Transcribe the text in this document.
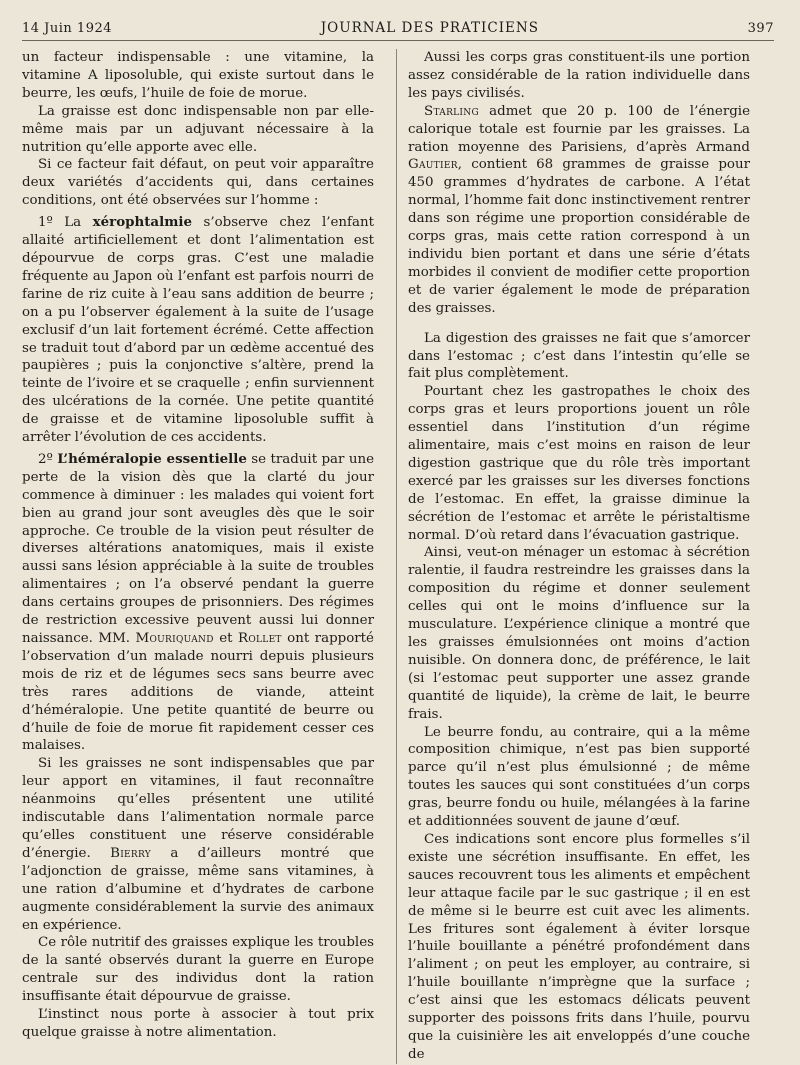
14 Juin 1924	JOURNAL DES PRATICIENS	397

un facteur indispensable : une vitamine, la vitamine A liposoluble, qui existe surtout dans le beurre, les œufs, l’huile de foie de morue.

La graisse est donc indispensable non par elle-même mais par un adjuvant nécessaire à la nutrition qu’elle apporte avec elle.

Si ce facteur fait défaut, on peut voir apparaître deux variétés d’accidents qui, dans certaines conditions, ont été observées sur l’homme :

1º La xérophtalmie s’observe chez l’enfant allaité artificiellement et dont l’alimentation est dépourvue de corps gras. C’est une maladie fréquente au Japon où l’enfant est parfois nourri de farine de riz cuite à l’eau sans addition de beurre ; on a pu l’observer également à la suite de l’usage exclusif d’un lait fortement écrémé. Cette affection se traduit tout d’abord par un œdème accentué des paupières ; puis la conjonctive s’altère, prend la teinte de l’ivoire et se craquelle ; enfin surviennent des ulcérations de la cornée. Une petite quantité de graisse et de vitamine liposoluble suffit à arrêter l’évolution de ces accidents.

2º L’héméralopie essentielle se traduit par une perte de la vision dès que la clarté du jour commence à diminuer : les malades qui voient fort bien au grand jour sont aveugles dès que le soir approche. Ce trouble de la vision peut résulter de diverses altérations anatomiques, mais il existe aussi sans lésion appréciable à la suite de troubles alimentaires ; on l’a observé pendant la guerre dans certains groupes de prisonniers. Des régimes de restriction excessive peuvent aussi lui donner naissance. MM. Mouriquand et Rollet ont rapporté l’observation d’un malade nourri depuis plusieurs mois de riz et de légumes secs sans beurre avec très rares additions de viande, atteint d’héméralopie. Une petite quantité de beurre ou d’huile de foie de morue fit rapidement cesser ces malaises.

Si les graisses ne sont indispensables que par leur apport en vitamines, il faut reconnaître néanmoins qu’elles présentent une utilité indiscutable dans l’alimentation normale parce qu’elles constituent une réserve considérable d’énergie. Bierry a d’ailleurs montré que l’adjonction de graisse, même sans vitamines, à une ration d’albumine et d’hydrates de carbone augmente considérablement la survie des animaux en expérience.

Ce rôle nutritif des graisses explique les troubles de la santé observés durant la guerre en Europe centrale sur des individus dont la ration insuffisante était dépourvue de graisse.

L’instinct nous porte à associer à tout prix quelque graisse à notre alimentation.

Aussi les corps gras constituent-ils une portion assez considérable de la ration individuelle dans les pays civilisés.

Starling admet que 20 p. 100 de l’énergie calorique totale est fournie par les graisses. La ration moyenne des Parisiens, d’après Armand Gautier, contient 68 grammes de graisse pour 450 grammes d’hydrates de carbone. A l’état normal, l’homme fait donc instinctivement rentrer dans son régime une proportion considérable de corps gras, mais cette ration correspond à un individu bien portant et dans une série d’états morbides il convient de modifier cette proportion et de varier également le mode de préparation des graisses.

La digestion des graisses ne fait que s’amorcer dans l’estomac ; c’est dans l’intestin qu’elle se fait plus complètement.

Pourtant chez les gastropathes le choix des corps gras et leurs proportions jouent un rôle essentiel dans l’institution d’un régime alimentaire, mais c’est moins en raison de leur digestion gastrique que du rôle très important exercé par les graisses sur les diverses fonctions de l’estomac. En effet, la graisse diminue la sécrétion de l’estomac et arrête le péristaltisme normal. D’où retard dans l’évacuation gastrique.

Ainsi, veut-on ménager un estomac à sécrétion ralentie, il faudra restreindre les graisses dans la composition du régime et donner seulement celles qui ont le moins d’influence sur la musculature. L’expérience clinique a montré que les graisses émulsionnées ont moins d’action nuisible. On donnera donc, de préférence, le lait (si l’estomac peut supporter une assez grande quantité de liquide), la crème de lait, le beurre frais.

Le beurre fondu, au contraire, qui a la même composition chimique, n’est pas bien supporté parce qu’il n’est plus émulsionné ; de même toutes les sauces qui sont constituées d’un corps gras, beurre fondu ou huile, mélangées à la farine et additionnées souvent de jaune d’œuf.

Ces indications sont encore plus formelles s’il existe une sécrétion insuffisante. En effet, les sauces recouvrent tous les aliments et empêchent leur attaque facile par le suc gastrique ; il en est de même si le beurre est cuit avec les aliments. Les fritures sont également à éviter lorsque l’huile bouillante a pénétré profondément dans l’aliment ; on peut les employer, au contraire, si l’huile bouillante n’imprègne que la surface ; c’est ainsi que les estomacs délicats peuvent supporter des poissons frits dans l’huile, pourvu que la cuisinière les ait enveloppés d’une couche de
